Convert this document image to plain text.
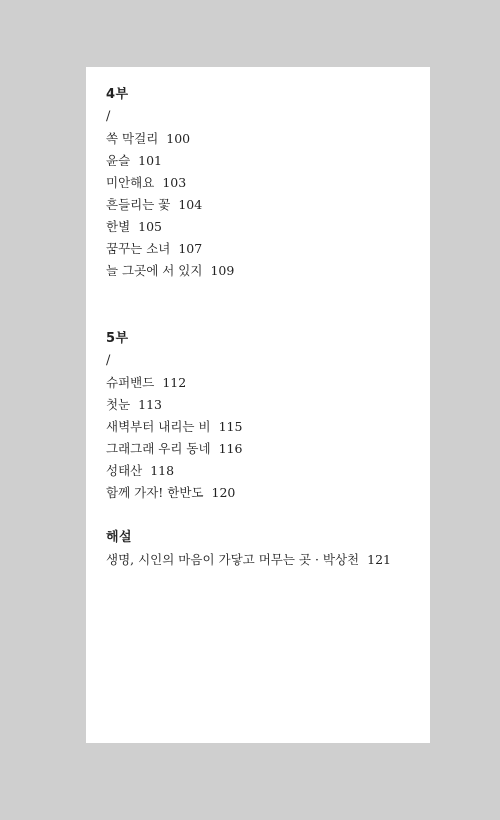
4부
/
쏙 막걸리 100
윤슬 101
미안해요 103
흔들리는 꽃 104
한별 105
꿈꾸는 소녀 107
늘 그곳에 서 있지 109
5부
/
슈퍼밴드 112
첫눈 113
새벽부터 내리는 비 115
그래그래 우리 동네 116
성태산 118
함께 가자! 한반도 120
해설
생명, 시인의 마음이 가닿고 머무는 곳 · 박상천 121
